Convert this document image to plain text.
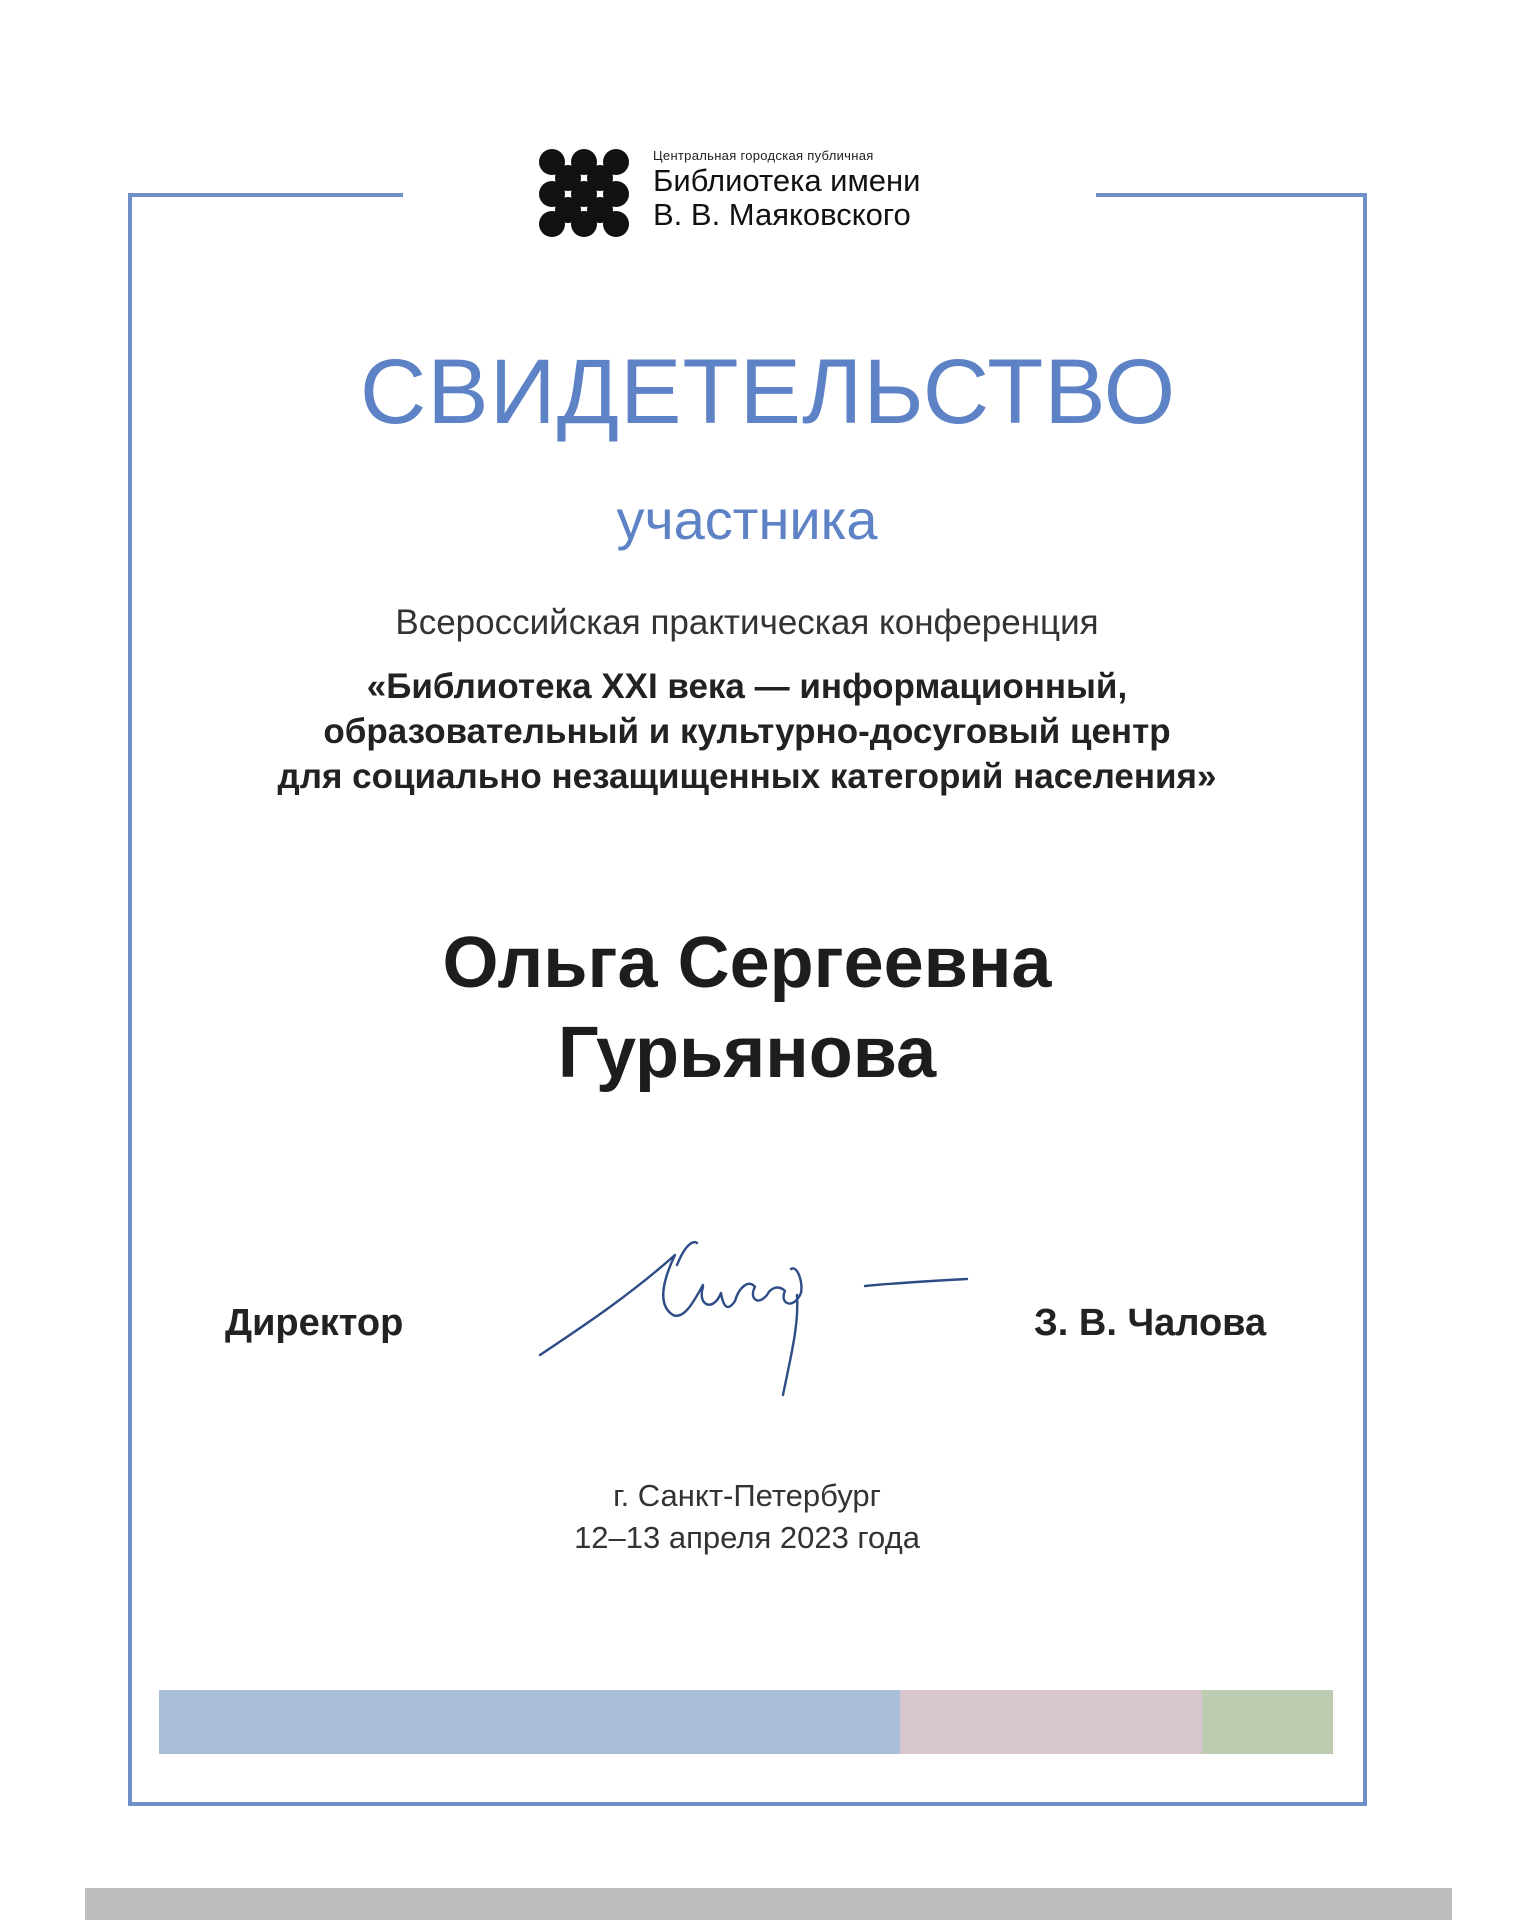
Центральная городская публичная
Библиотека имени
В. В. Маяковского
СВИДЕТЕЛЬСТВО
участника
Всероссийская практическая конференция
«Библиотека XXI века — информационный,
образовательный и культурно-досуговый центр
для социально незащищенных категорий населения»
Ольга Сергеевна
Гурьянова
Директор	З. В. Чалова
г. Санкт-Петербург
12–13 апреля 2023 года
